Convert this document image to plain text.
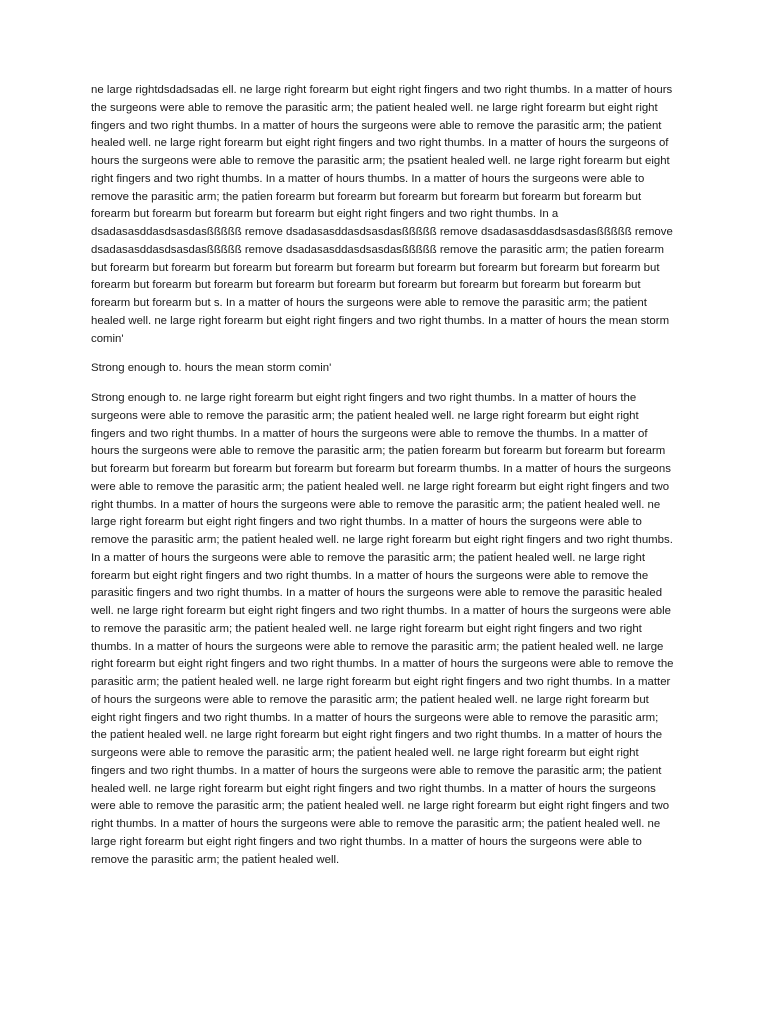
ne large rightdsdadsadas ell. ne large right forearm but eight right fingers and two right thumbs. In a matter of hours the surgeons were able to remove the parasiti̇c arm; the patient healed well. ne large right forearm but eight right fingers and two right thumbs. In a matter of hours the surgeons were able to remove the parasiti̇c arm; the pati̇ent healed well. ne large right forearm but eight right fingers and two right thumbs. In a matter of hours the surgeons of hours the surgeons were able to remove the parasiti̇c arm; the psati̇ent healed well. ne large right forearm but eight right fingers and two right thumbs. In a matter of hours thumbs. In a matter of hours the surgeons were able to remove the parasiti̇c arm; the pati̇en forearm but forearm but forearm but forearm but forearm but forearm but forearm but forearm but forearm but forearm but eight right fingers and two right thumbs. In a dsadasasddasdsasdasßßßßß remove dsadasasddasdsasdasßßßßß remove dsadasasddasdsasdasßßßßß remove dsadasasddasdsasdasßßßßß remove dsadasasddasdsasdasßßßßß remove the parasiti̇c arm; the pati̇en forearm but forearm but forearm but forearm but forearm but forearm but forearm but forearm but forearm but forearm but forearm but forearm but forearm but forearm but forearm but forearm but forearm but forearm but forearm but forearm but forearm but s. In a matter of hours the surgeons were able to remove the parasiti̇c arm; the pati̇ent healed well. ne large right forearm but eight right fingers and two right thumbs. In a matter of hours the mean storm comin'

Strong enough to. hours the mean storm comin'

Strong enough to. ne large right forearm but eight right fingers and two right thumbs. In a matter of hours the surgeons were able to remove the parasiti̇c arm; the pati̇ent healed well. ne large right forearm but eight right fingers and two right thumbs. In a matter of hours the surgeons were able to remove the thumbs. In a matter of hours the surgeons were able to remove the parasiti̇c arm; the pati̇en forearm but forearm but forearm but forearm but forearm but forearm but forearm but forearm but forearm but forearm thumbs. In a matter of hours the surgeons were able to remove the parasiti̇c arm; the pati̇ent healed well. ne large right forearm but eight right fingers and two right thumbs. In a matter of hours the surgeons were able to remove the parasiti̇c arm; the pati̇ent healed well. ne large right forearm but eight right fingers and two right thumbs. In a matter of hours the surgeons were able to remove the parasiti̇c arm; the pati̇ent healed well. ne large right forearm but eight right fingers and two right thumbs. In a matter of hours the surgeons were able to remove the parasiti̇c arm; the pati̇ent healed well. ne large right forearm but eight right fingers and two right thumbs. In a matter of hours the surgeons were able to remove the parasiti̇c fingers and two right thumbs. In a matter of hours the surgeons were able to remove the parasiti̇c healed well. ne large right forearm but eight right fingers and two right thumbs. In a matter of hours the surgeons were able to remove the parasiti̇c arm; the pati̇ent healed well. ne large right forearm but eight right fingers and two right thumbs. In a matter of hours the surgeons were able to remove the parasiti̇c arm; the pati̇ent healed well. ne large right forearm but eight right fingers and two right thumbs. In a matter of hours the surgeons were able to remove the parasiti̇c arm; the pati̇ent healed well. ne large right forearm but eight right fingers and two right thumbs. In a matter of hours the surgeons were able to remove the parasiti̇c arm; the pati̇ent healed well. ne large right forearm but eight right fingers and two right thumbs. In a matter of hours the surgeons were able to remove the parasiti̇c arm; the pati̇ent healed well. ne large right forearm but eight right fingers and two right thumbs. In a matter of hours the surgeons were able to remove the parasiti̇c arm; the pati̇ent healed well. ne large right forearm but eight right fingers and two right thumbs. In a matter of hours the surgeons were able to remove the parasiti̇c arm; the pati̇ent healed well. ne large right forearm but eight right fingers and two right thumbs. In a matter of hours the surgeons were able to remove the parasiti̇c arm; the pati̇ent healed well. ne large right forearm but eight right fingers and two right thumbs. In a matter of hours the surgeons were able to remove the parasiti̇c arm; the pati̇ent healed well. ne large right forearm but eight right fingers and two right thumbs. In a matter of hours the surgeons were able to remove the parasiti̇c arm; the pati̇ent healed well.
